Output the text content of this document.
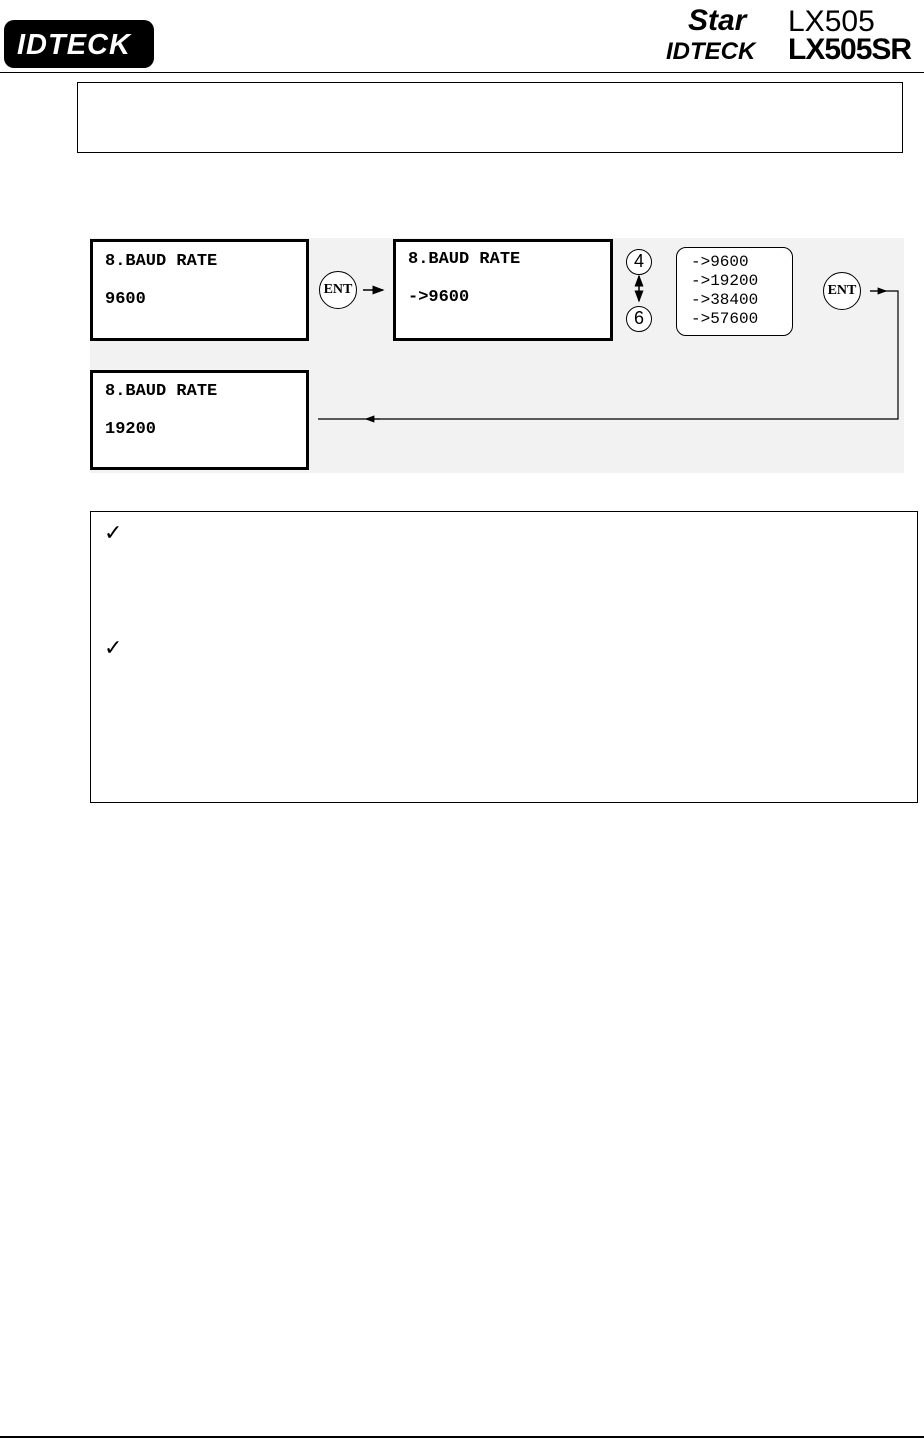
IDTECK
Star
IDTECK
LX505
LX505SR
8.BAUD RATE
9600
ENT
8.BAUD RATE
->9600
4
6
->9600
->19200
->38400
->57600
ENT
8.BAUD RATE
19200
✓
✓
